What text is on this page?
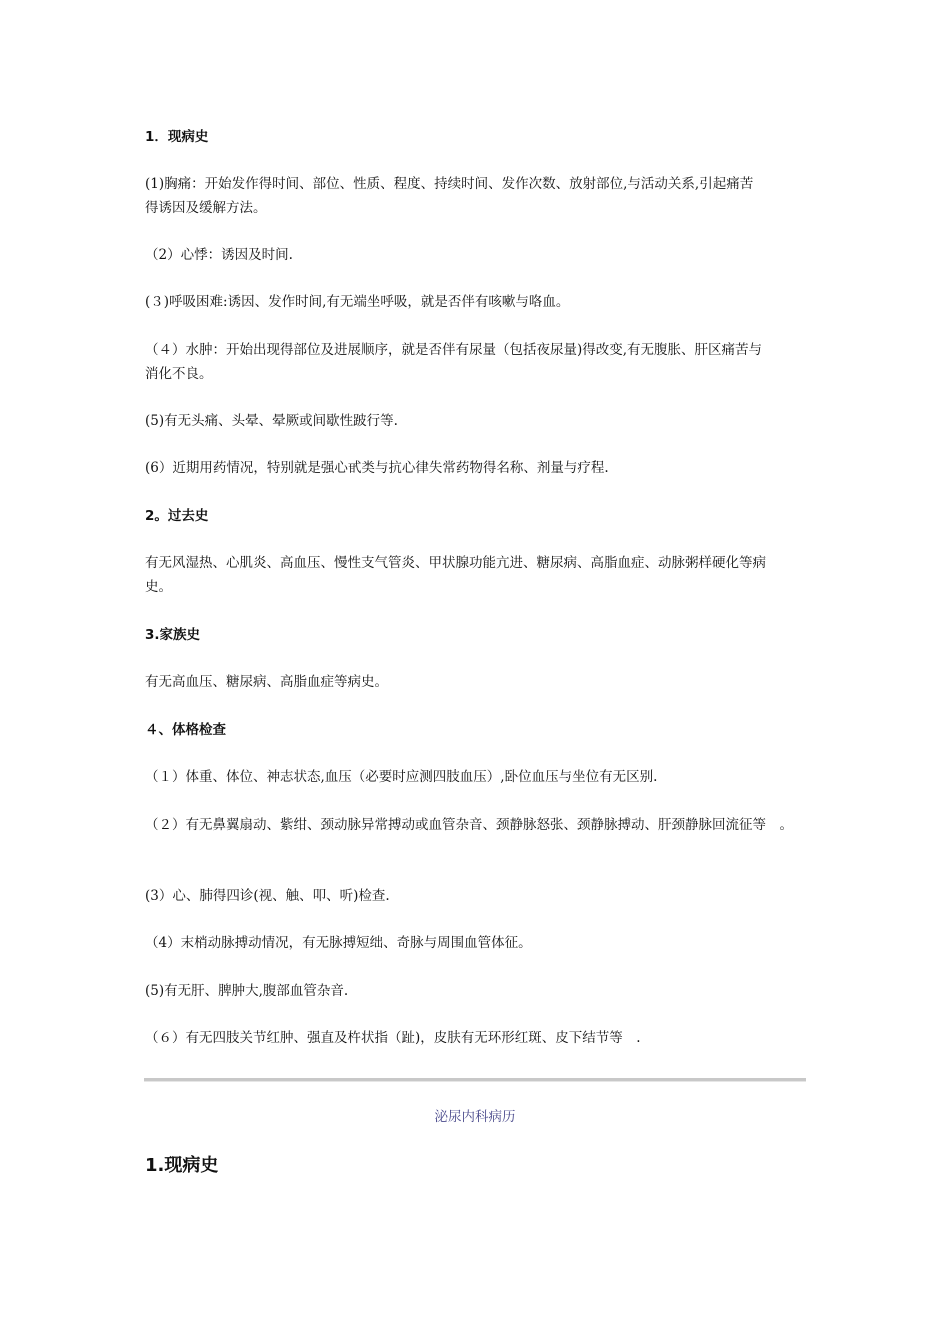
1．现病史
(1)胸痛：开始发作得时间、部位、性质、程度、持续时间、发作次数、放射部位,与活动关系,引起痛苦
得诱因及缓解方法。
（2）心悸：诱因及时间.
(３)呼吸困难:诱因、发作时间,有无端坐呼吸，就是否伴有咳嗽与咯血。
（４）水肿：开始出现得部位及进展顺序，就是否伴有尿量（包括夜尿量)得改变,有无腹胀、肝区痛苦与
消化不良。
(5)有无头痛、头晕、晕厥或间歇性跛行等.
(6）近期用药情况，特别就是强心甙类与抗心律失常药物得名称、剂量与疗程.
2。过去史
有无风湿热、心肌炎、高血压、慢性支气管炎、甲状腺功能亢进、糖尿病、高脂血症、动脉粥样硬化等病
史。
3.家族史
有无高血压、糖尿病、高脂血症等病史。
４、体格检查
（１）体重、体位、神志状态,血压（必要时应测四肢血压）,卧位血压与坐位有无区别.
（２）有无鼻翼扇动、紫绀、颈动脉异常搏动或血管杂音、颈静脉怒张、颈静脉搏动、肝颈静脉回流征等　。
(3）心、肺得四诊(视、触、叩、听)检查.
（4）末梢动脉搏动情况，有无脉搏短绌、奇脉与周围血管体征。
(5)有无肝、脾肿大,腹部血管杂音.
（６）有无四肢关节红肿、强直及杵状指（趾)，皮肤有无环形红斑、皮下结节等　.
泌尿内科病历
1.现病史
